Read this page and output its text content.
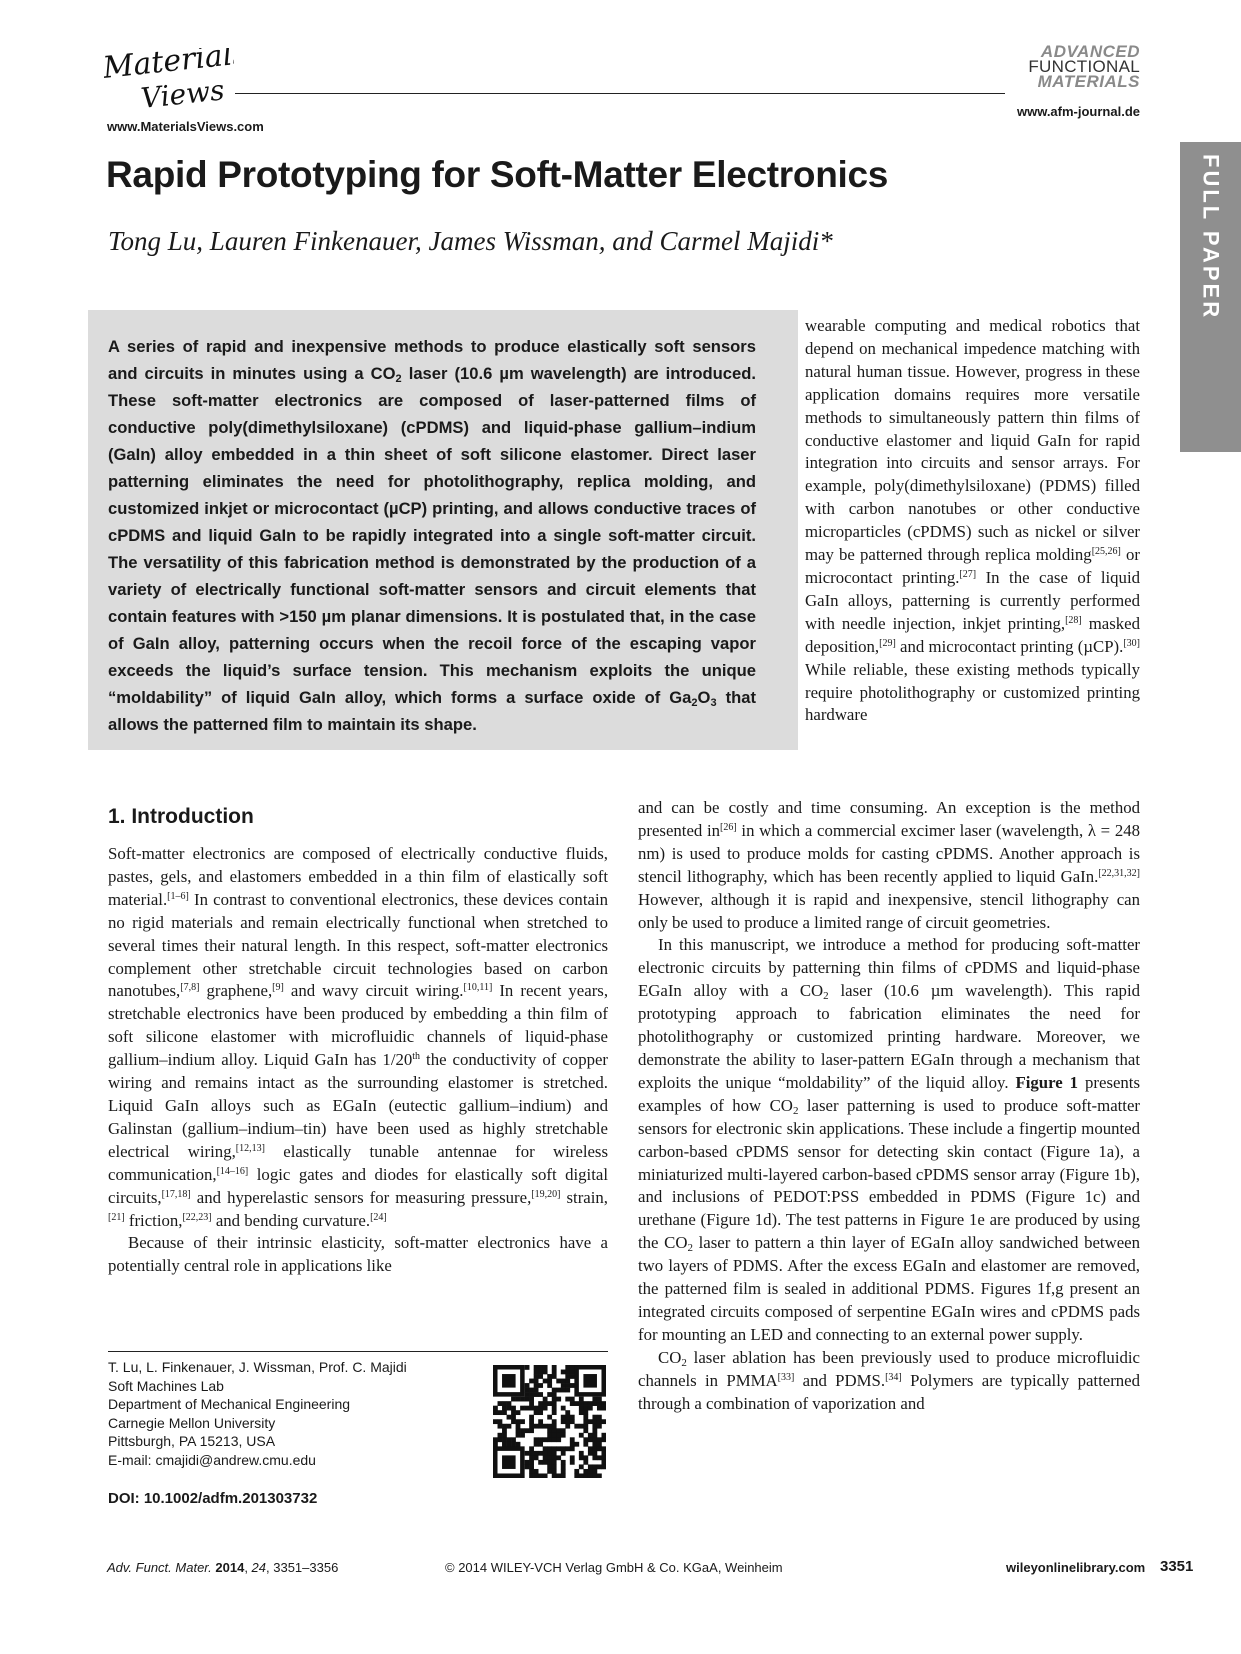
Materials
Views
www.MaterialsViews.com
ADVANCED
FUNCTIONAL
MATERIALS
www.afm-journal.de
FULL PAPER
Rapid Prototyping for Soft-Matter Electronics
Tong Lu, Lauren Finkenauer, James Wissman, and Carmel Majidi*
A series of rapid and inexpensive methods to produce elastically soft sensors and circuits in minutes using a $CO_2$ laser (10.6 µm wavelength) are introduced. These soft-matter electronics are composed of laser-patterned films of conductive poly(dimethylsiloxane) (cPDMS) and liquid-phase gallium–indium (GaIn) alloy embedded in a thin sheet of soft silicone elastomer. Direct laser patterning eliminates the need for photolithography, replica molding, and customized inkjet or microcontact (µCP) printing, and allows conductive traces of cPDMS and liquid GaIn to be rapidly integrated into a single soft-matter circuit. The versatility of this fabrication method is demonstrated by the production of a variety of electrically functional soft-matter sensors and circuit elements that contain features with >150 µm planar dimensions. It is postulated that, in the case of GaIn alloy, patterning occurs when the recoil force of the escaping vapor exceeds the liquid’s surface tension. This mechanism exploits the unique “moldability” of liquid GaIn alloy, which forms a surface oxide of $Ga_2O_3$ that allows the patterned film to maintain its shape.

wearable computing and medical robotics that depend on mechanical impedence matching with natural human tissue. However, progress in these application domains requires more versatile methods to simultaneously pattern thin films of conductive elastomer and liquid GaIn for rapid integration into circuits and sensor arrays. For example, poly(dimethylsiloxane) (PDMS) filled with carbon nanotubes or other conductive microparticles (cPDMS) such as nickel or silver may be patterned through replica molding[25,26] or microcontact printing.[27] In the case of liquid GaIn alloys, patterning is currently performed with needle injection, inkjet printing,[28] masked deposition,[29] and microcontact printing (µCP).[30] While reliable, these existing methods typically require photolithography or customized printing hardware

1. Introduction

Soft-matter electronics are composed of electrically conductive fluids, pastes, gels, and elastomers embedded in a thin film of elastically soft material.[1–6] In contrast to conventional electronics, these devices contain no rigid materials and remain electrically functional when stretched to several times their natural length. In this respect, soft-matter electronics complement other stretchable circuit technologies based on carbon nanotubes,[7,8] graphene,[9] and wavy circuit wiring.[10,11] In recent years, stretchable electronics have been produced by embedding a thin film of soft silicone elastomer with microfluidic channels of liquid-phase gallium–indium alloy. Liquid GaIn has 1/20th the conductivity of copper wiring and remains intact as the surrounding elastomer is stretched. Liquid GaIn alloys such as EGaIn (eutectic gallium–indium) and Galinstan (gallium–indium–tin) have been used as highly stretchable electrical wiring,[12,13] elastically tunable antennae for wireless communication,[14–16] logic gates and diodes for elastically soft digital circuits,[17,18] and hyperelastic sensors for measuring pressure,[19,20] strain,[21] friction,[22,23] and bending curvature.[24]

Because of their intrinsic elasticity, soft-matter electronics have a potentially central role in applications like

and can be costly and time consuming. An exception is the method presented in[26] in which a commercial excimer laser (wavelength, λ = 248 nm) is used to produce molds for casting cPDMS. Another approach is stencil lithography, which has been recently applied to liquid GaIn.[22,31,32] However, although it is rapid and inexpensive, stencil lithography can only be used to produce a limited range of circuit geometries.

In this manuscript, we introduce a method for producing soft-matter electronic circuits by patterning thin films of cPDMS and liquid-phase EGaIn alloy with a $CO_2$ laser (10.6 µm wavelength). This rapid prototyping approach to fabrication eliminates the need for photolithography or customized printing hardware. Moreover, we demonstrate the ability to laser-pattern EGaIn through a mechanism that exploits the unique “moldability” of the liquid alloy. Figure 1 presents examples of how $CO_2$ laser patterning is used to produce soft-matter sensors for electronic skin applications. These include a fingertip mounted carbon-based cPDMS sensor for detecting skin contact (Figure 1a), a miniaturized multi-layered carbon-based cPDMS sensor array (Figure 1b), and inclusions of PEDOT:PSS embedded in PDMS (Figure 1c) and urethane (Figure 1d). The test patterns in Figure 1e are produced by using the $CO_2$ laser to pattern a thin layer of EGaIn alloy sandwiched between two layers of PDMS. After the excess EGaIn and elastomer are removed, the patterned film is sealed in additional PDMS. Figures 1f,g present an integrated circuits composed of serpentine EGaIn wires and cPDMS pads for mounting an LED and connecting to an external power supply.

$CO_2$ laser ablation has been previously used to produce microfluidic channels in PMMA[33] and PDMS.[34] Polymers are typically patterned through a combination of vaporization and

T. Lu, L. Finkenauer, J. Wissman, Prof. C. Majidi
Soft Machines Lab
Department of Mechanical Engineering
Carnegie Mellon University
Pittsburgh, PA 15213, USA
E-mail: cmajidi@andrew.cmu.edu
DOI: 10.1002/adfm.201303732
Adv. Funct. Mater. 2014, 24, 3351–3356	© 2014 WILEY-VCH Verlag GmbH & Co. KGaA, Weinheim	wileyonlinelibrary.com 3351
